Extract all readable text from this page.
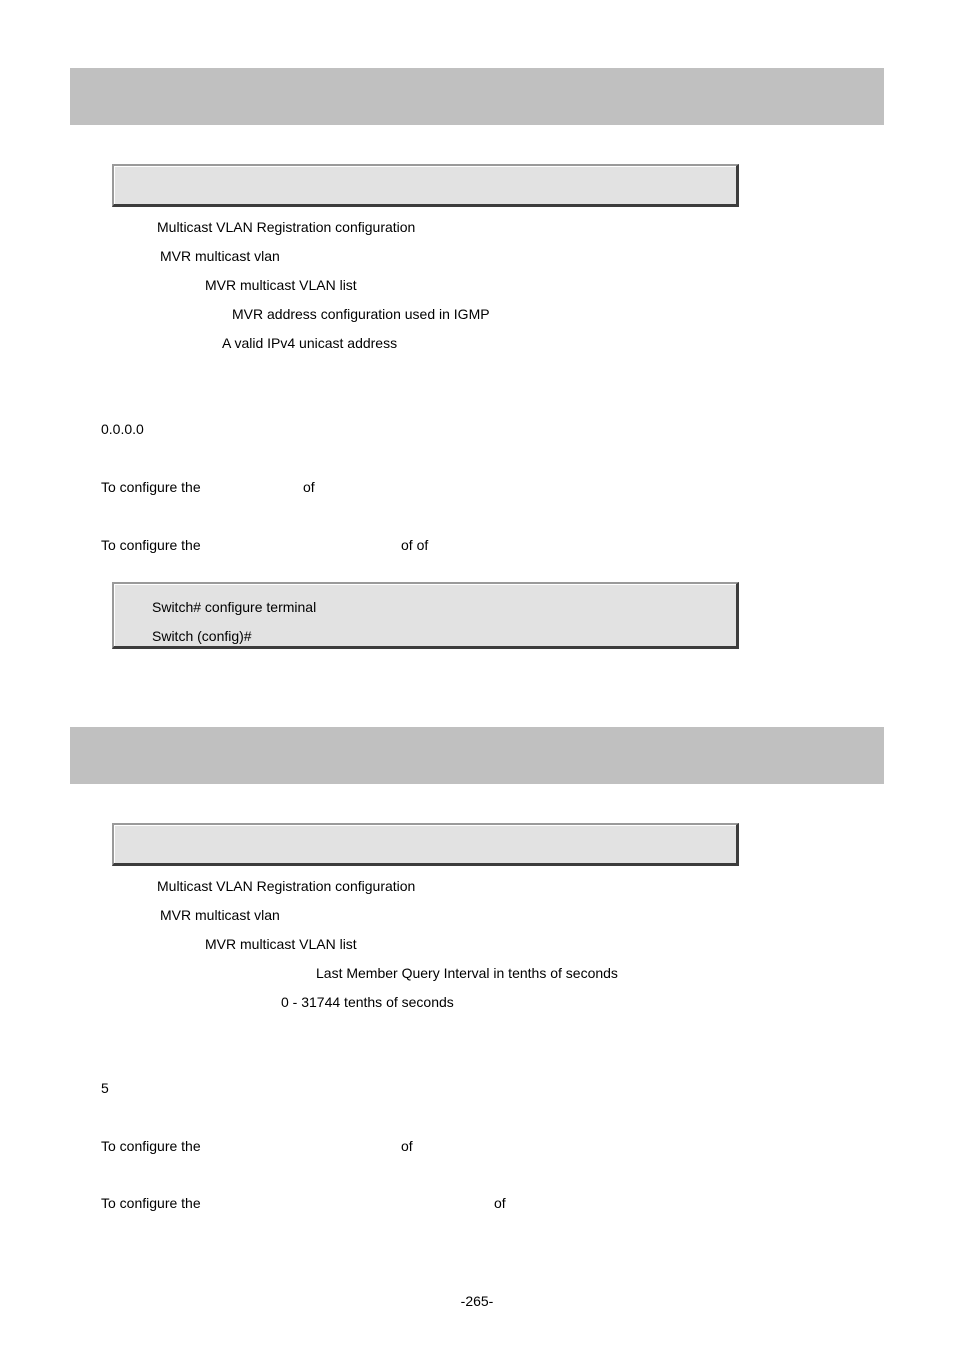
Multicast VLAN Registration configuration
MVR multicast vlan
MVR multicast VLAN list
MVR address configuration used in IGMP
A valid IPv4 unicast address
0.0.0.0
To configure the	of
To configure the	of of
Switch# configure terminal
Switch (config)#
Multicast VLAN Registration configuration
MVR multicast vlan
MVR multicast VLAN list
Last Member Query Interval in tenths of seconds
0 - 31744 tenths of seconds
5
To configure the	of
To configure the	of
-265-
